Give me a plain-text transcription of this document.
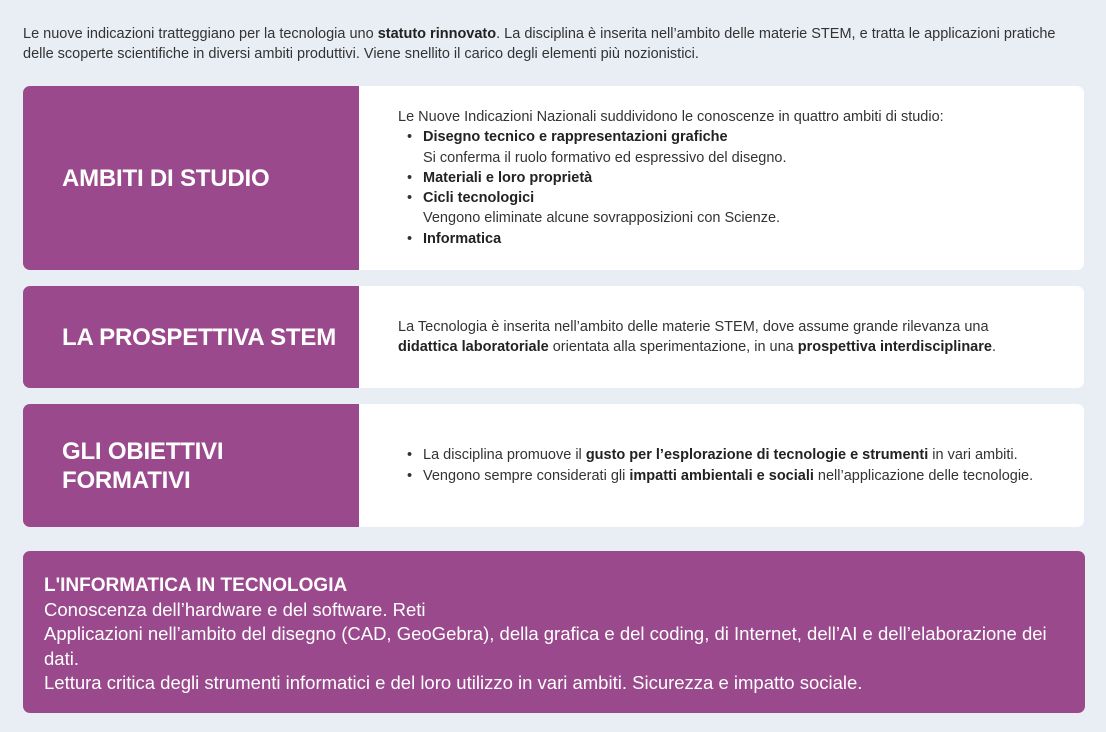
Le nuove indicazioni tratteggiano per la tecnologia uno statuto rinnovato. La disciplina è inserita nell’ambito delle materie STEM, e tratta le applicazioni pratiche delle scoperte scientifiche in diversi ambiti produttivi. Viene snellito il carico degli elementi più nozionistici.

AMBITI DI STUDIO
Le Nuove Indicazioni Nazionali suddividono le conoscenze in quattro ambiti di studio:
• Disegno tecnico e rappresentazioni grafiche
Si conferma il ruolo formativo ed espressivo del disegno.
• Materiali e loro proprietà
• Cicli tecnologici
Vengono eliminate alcune sovrapposizioni con Scienze.
• Informatica
LA PROSPETTIVA STEM	La Tecnologia è inserita nell’ambito delle materie STEM, dove assume grande rilevanza una didattica laboratoriale orientata alla sperimentazione, in una prospettiva interdisciplinare.

GLI OBIETTIVI FORMATIVI
• La disciplina promuove il gusto per l’esplorazione di tecnologie e strumenti in vari ambiti.
• Vengono sempre considerati gli impatti ambientali e sociali nell’applicazione delle tecnologie.
L'INFORMATICA IN TECNOLOGIA
Conoscenza dell’hardware e del software. Reti
Applicazioni nell’ambito del disegno (CAD, GeoGebra), della grafica e del coding, di Internet, dell’AI e dell’elaborazione dei dati.
Lettura critica degli strumenti informatici e del loro utilizzo in vari ambiti. Sicurezza e impatto sociale.
